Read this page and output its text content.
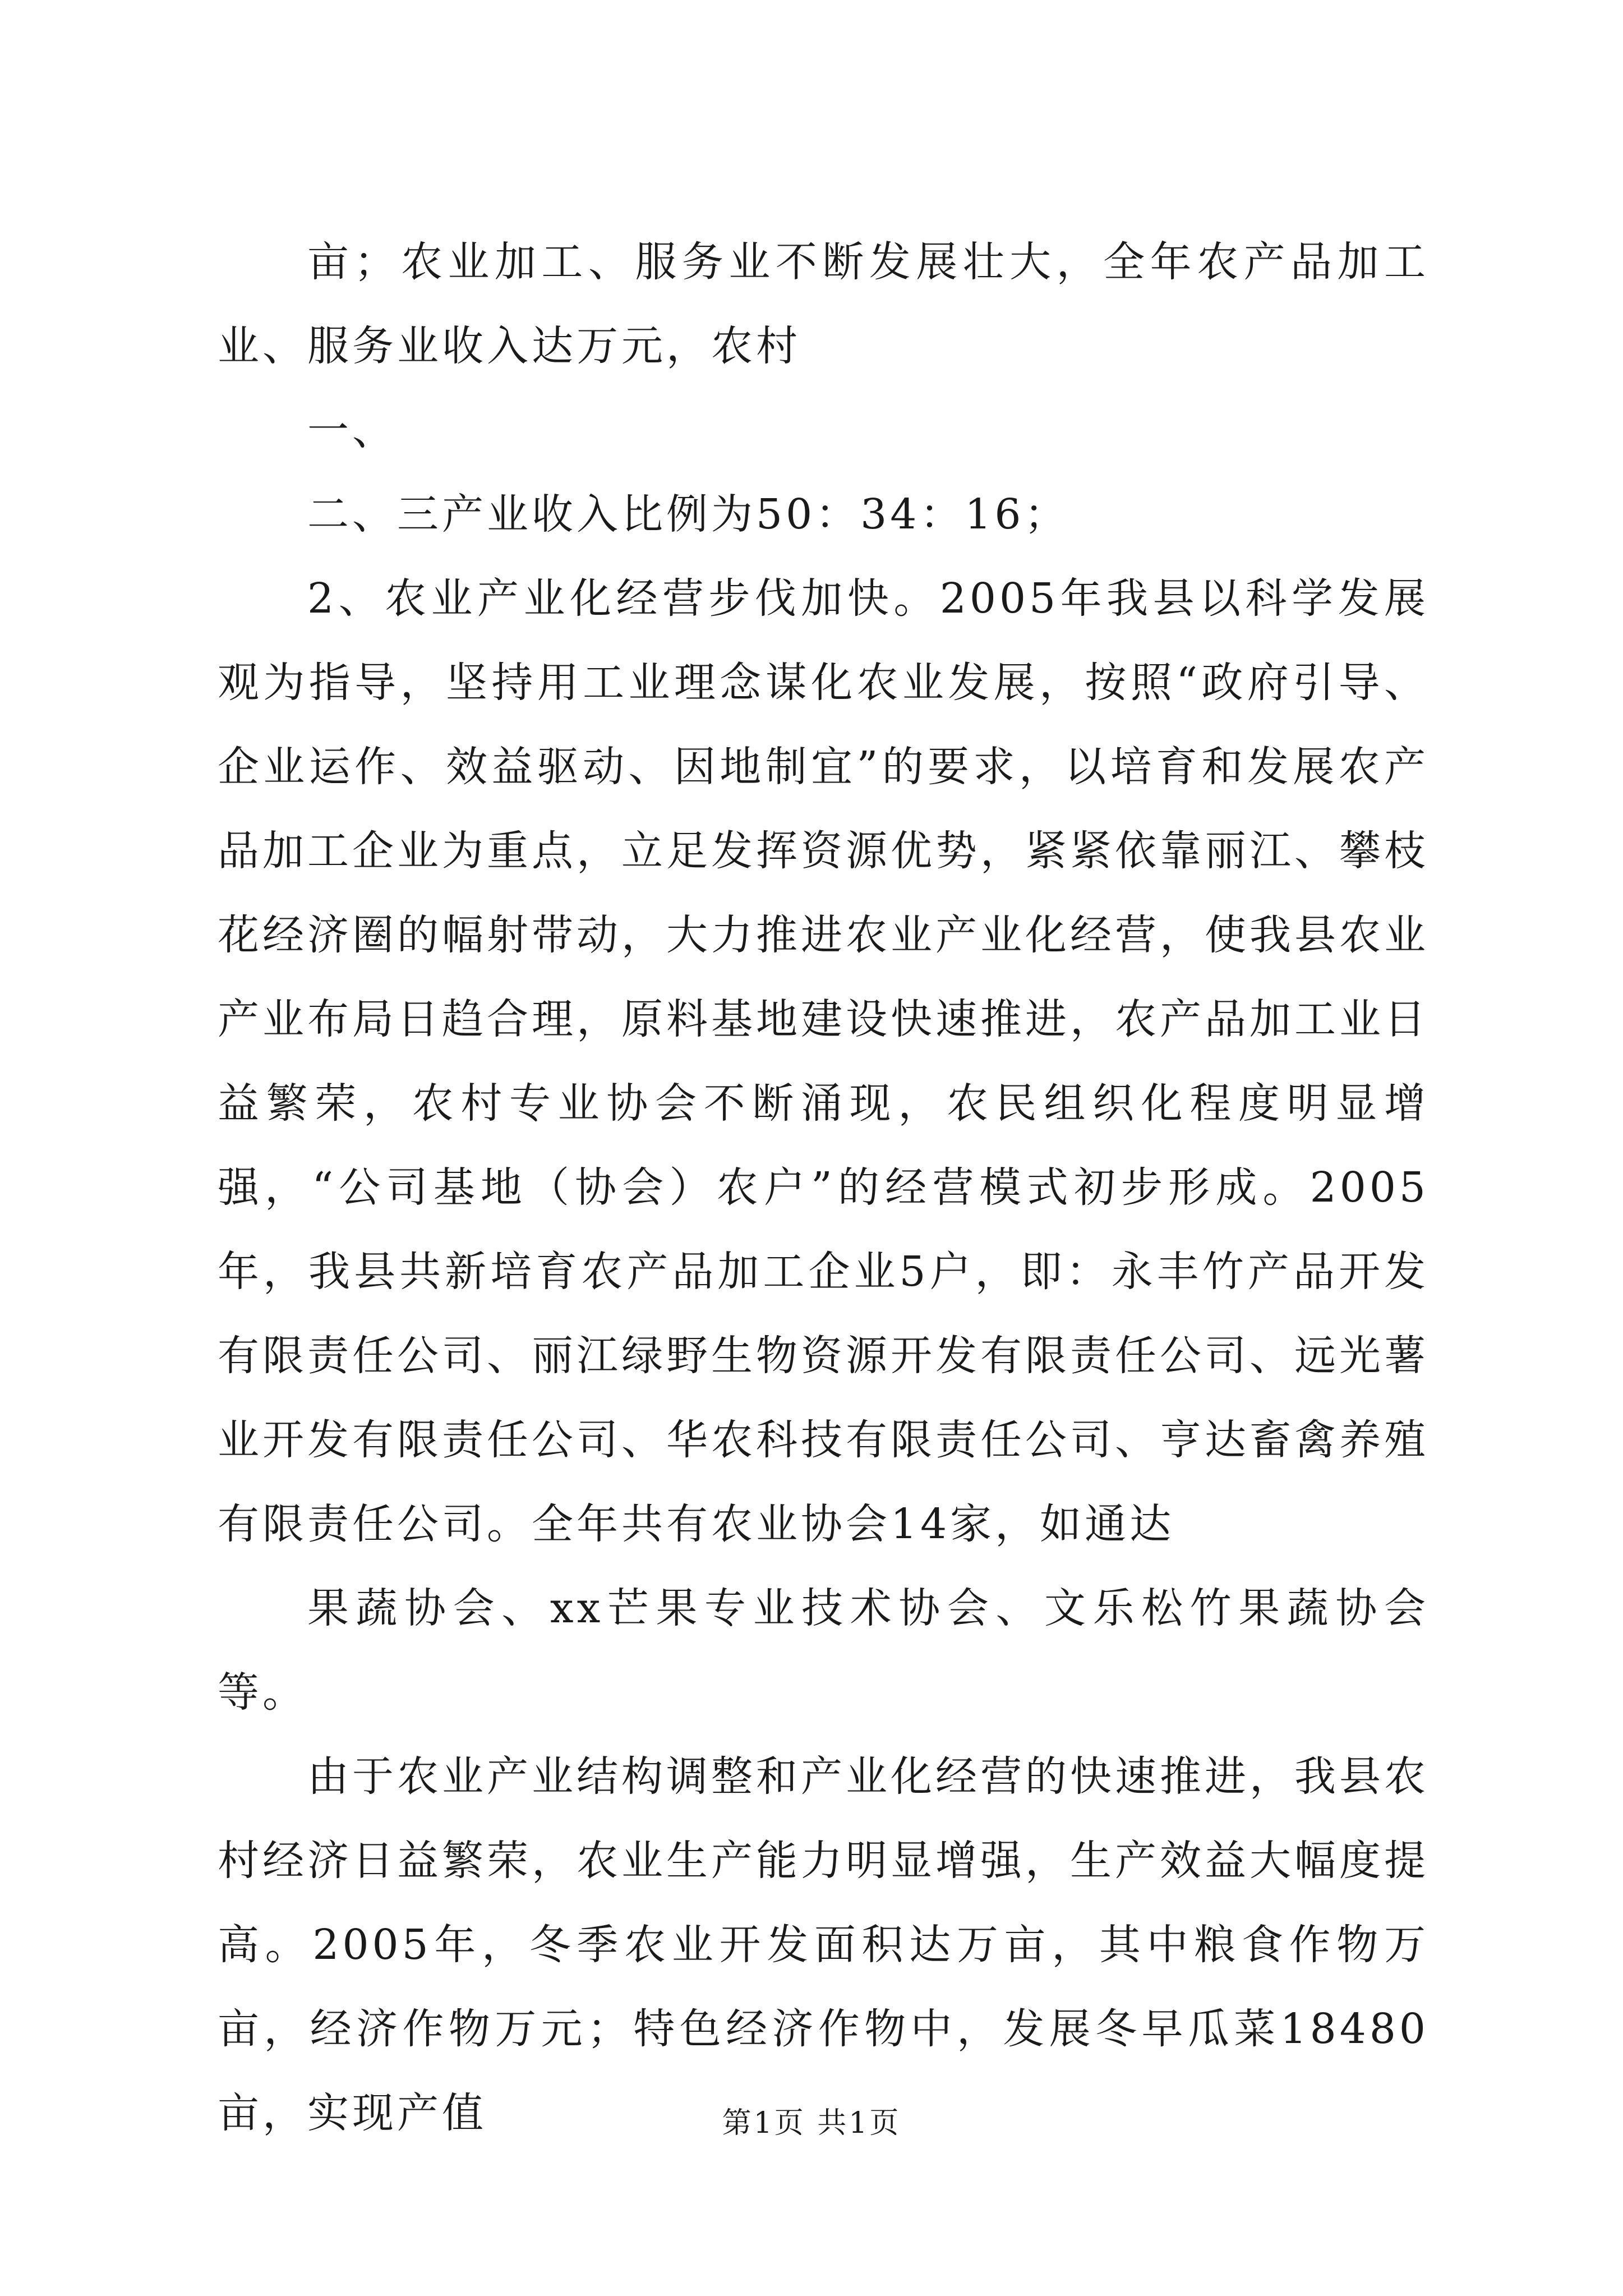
亩；农业加工、服务业不断发展壮大，全年农产品加工业、服务业收入达万元，农村

一、

二、三产业收入比例为50：34：16；

2、农业产业化经营步伐加快。2005年我县以科学发展观为指导，坚持用工业理念谋化农业发展，按照“政府引导、企业运作、效益驱动、因地制宜”的要求，以培育和发展农产品加工企业为重点，立足发挥资源优势，紧紧依靠丽江、攀枝花经济圈的幅射带动，大力推进农业产业化经营，使我县农业产业布局日趋合理，原料基地建设快速推进，农产品加工业日益繁荣，农村专业协会不断涌现，农民组织化程度明显增强，“公司基地（协会）农户”的经营模式初步形成。2005年，我县共新培育农产品加工企业5户，即：永丰竹产品开发有限责任公司、丽江绿野生物资源开发有限责任公司、远光薯业开发有限责任公司、华农科技有限责任公司、亨达畜禽养殖有限责任公司。全年共有农业协会14家，如通达

果蔬协会、xx芒果专业技术协会、文乐松竹果蔬协会等。

由于农业产业结构调整和产业化经营的快速推进，我县农村经济日益繁荣，农业生产能力明显增强，生产效益大幅度提高。2005年，冬季农业开发面积达万亩，其中粮食作物万亩，经济作物万元；特色经济作物中，发展冬早瓜菜18480亩，实现产值	第1页 共1页
